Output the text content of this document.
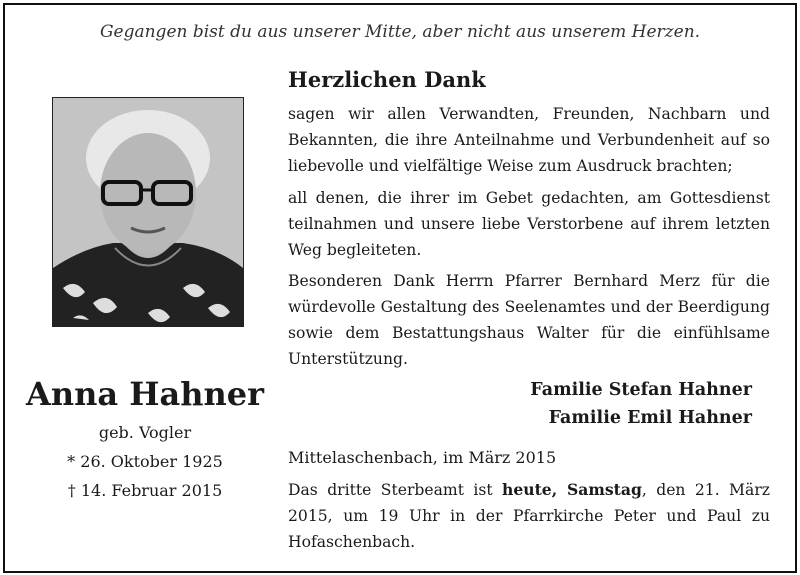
Gegangen bist du aus unserer Mitte, aber nicht aus unserem Herzen.
Anna Hahner
geb. Vogler
* 26. Oktober 1925
† 14. Februar 2015
Herzlichen Dank

sagen wir allen Verwandten, Freunden, Nachbarn und Bekannten, die ihre Anteilnahme und Verbundenheit auf so liebevolle und vielfältige Weise zum Ausdruck brachten;

all denen, die ihrer im Gebet gedachten, am Gottesdienst teilnahmen und unsere liebe Verstorbene auf ihrem letzten Weg begleiteten.

Besonderen Dank Herrn Pfarrer Bernhard Merz für die würdevolle Gestaltung des Seelenamtes und der Beerdigung sowie dem Bestattungshaus Walter für die einfühlsame Unterstützung.

Familie Stefan Hahner
Familie Emil Hahner
Mittelaschenbach, im März 2015

Das dritte Sterbeamt ist heute, Samstag, den 21. März 2015, um 19 Uhr in der Pfarrkirche Peter und Paul zu Hofaschenbach.
